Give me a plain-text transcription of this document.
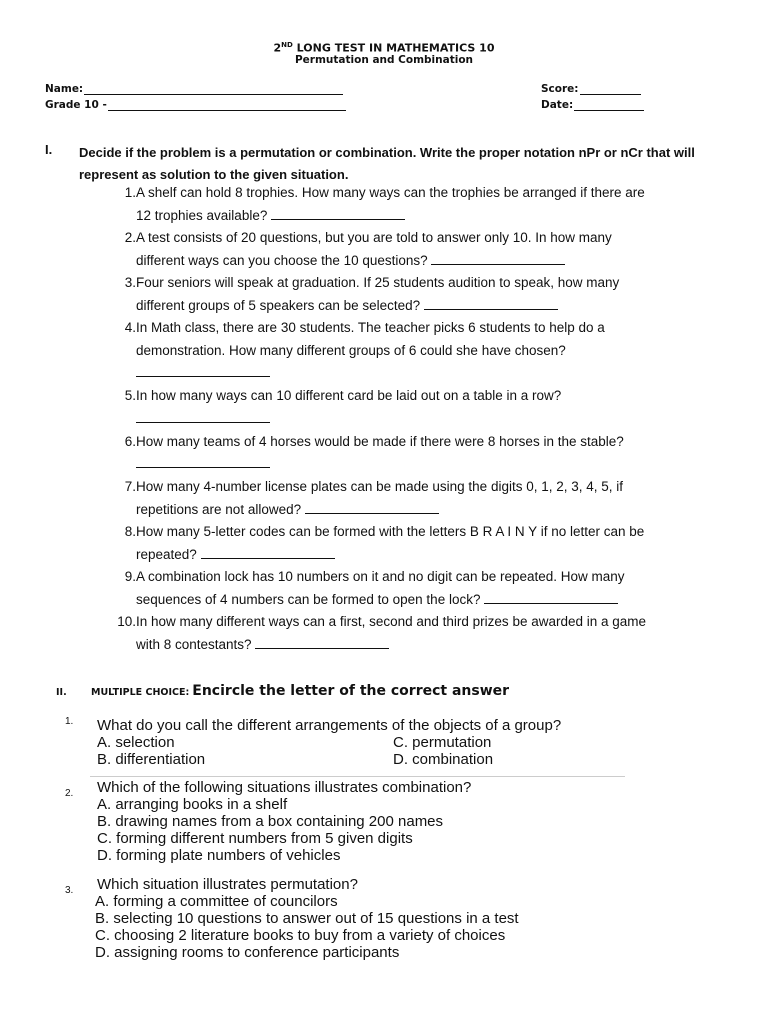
2ND LONG TEST IN MATHEMATICS 10
Permutation and Combination
Name:
Grade 10 -
Score:
Date:
I. Decide if the problem is a permutation or combination. Write the proper notation nPr or nCr that will represent as solution to the given situation.
1. A shelf can hold 8 trophies. How many ways can the trophies be arranged if there are
12 trophies available?
2. A test consists of 20 questions, but you are told to answer only 10. In how many
different ways can you choose the 10 questions?
3. Four seniors will speak at graduation. If 25 students audition to speak, how many
different groups of 5 speakers can be selected?
4. In Math class, there are 30 students. The teacher picks 6 students to help do a
demonstration. How many different groups of 6 could she have chosen?
5. In how many ways can 10 different card be laid out on a table in a row?
6. How many teams of 4 horses would be made if there were 8 horses in the stable?
7. How many 4-number license plates can be made using the digits 0, 1, 2, 3, 4, 5, if
repetitions are not allowed?
8. How many 5-letter codes can be formed with the letters B R A I N Y if no letter can be
repeated?
9. A combination lock has 10 numbers on it and no digit can be repeated. How many
sequences of 4 numbers can be formed to open the lock?
10. In how many different ways can a first, second and third prizes be awarded in a game
with 8 contestants?
II.	MULTIPLE CHOICE: Encircle the letter of the correct answer
1. What do you call the different arrangements of the objects of a group?
A. selection	C. permutation
B. differentiation	D. combination
2. Which of the following situations illustrates combination?
A. arranging books in a shelf
B. drawing names from a box containing 200 names
C. forming different numbers from 5 given digits
D. forming plate numbers of vehicles
3. Which situation illustrates permutation?
A. forming a committee of councilors
B. selecting 10 questions to answer out of 15 questions in a test
C. choosing 2 literature books to buy from a variety of choices
D. assigning rooms to conference participants
